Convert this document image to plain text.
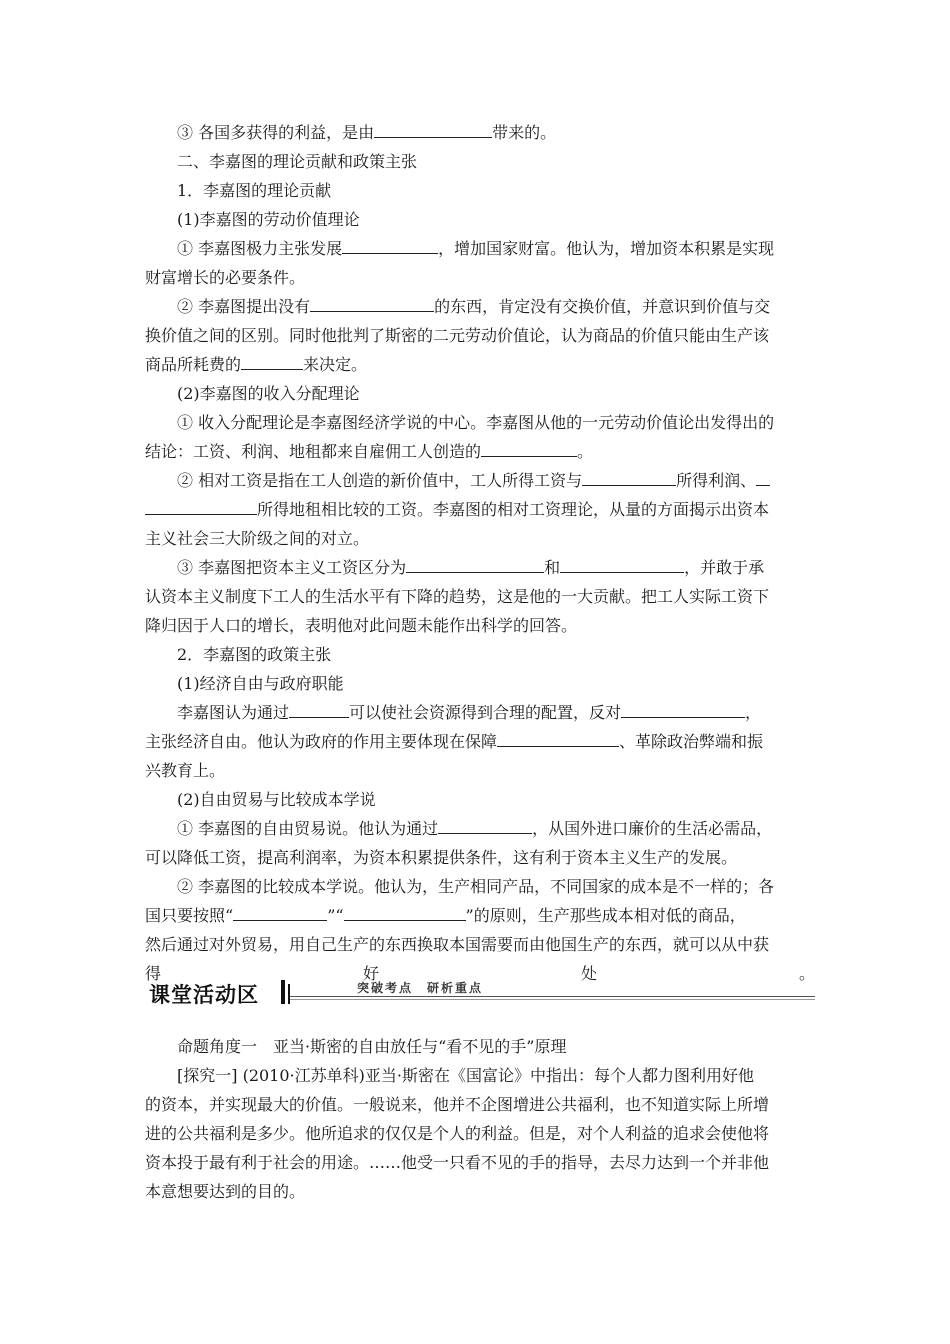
③ 各国多获得的利益，是由	带来的。
二、李嘉图的理论贡献和政策主张
1．李嘉图的理论贡献
(1)李嘉图的劳动价值理论
① 李嘉图极力主张发展	，增加国家财富。他认为，增加资本积累是实现
财富增长的必要条件。
② 李嘉图提出没有	的东西，肯定没有交换价值，并意识到价值与交
换价值之间的区别。同时他批判了斯密的二元劳动价值论，认为商品的价值只能由生产该
商品所耗费的	来决定。
(2)李嘉图的收入分配理论
① 收入分配理论是李嘉图经济学说的中心。李嘉图从他的一元劳动价值论出发得出的
结论：工资、利润、地租都来自雇佣工人创造的	。
② 相对工资是指在工人创造的新价值中，工人所得工资与	所得利润、
所得地租相比较的工资。李嘉图的相对工资理论，从量的方面揭示出资本
主义社会三大阶级之间的对立。
③ 李嘉图把资本主义工资区分为	和	，并敢于承
认资本主义制度下工人的生活水平有下降的趋势，这是他的一大贡献。把工人实际工资下
降归因于人口的增长，表明他对此问题未能作出科学的回答。
2．李嘉图的政策主张
(1)经济自由与政府职能
李嘉图认为通过	可以使社会资源得到合理的配置，反对	，
主张经济自由。他认为政府的作用主要体现在保障	、革除政治弊端和振
兴教育上。
(2)自由贸易与比较成本学说
① 李嘉图的自由贸易说。他认为通过	，从国外进口廉价的生活必需品，
可以降低工资，提高利润率，为资本积累提供条件，这有利于资本主义生产的发展。
② 李嘉图的比较成本学说。他认为，生产相同产品，不同国家的成本是不一样的；各
国只要按照“	”“	”的原则，生产那些成本相对低的商品，
然后通过对外贸易，用自己生产的东西换取本国需要而由他国生产的东西，就可以从中获
得	好	处	。
课堂活动区	突破考点　研析重点
命题角度一　亚当·斯密的自由放任与“看不见的手”原理
[探究一] (2010·江苏单科)亚当·斯密在《国富论》中指出：每个人都力图利用好他
的资本，并实现最大的价值。一般说来，他并不企图增进公共福利，也不知道实际上所增
进的公共福利是多少。他所追求的仅仅是个人的利益。但是，对个人利益的追求会使他将
资本投于最有利于社会的用途。……他受一只看不见的手的指导，去尽力达到一个并非他
本意想要达到的目的。
